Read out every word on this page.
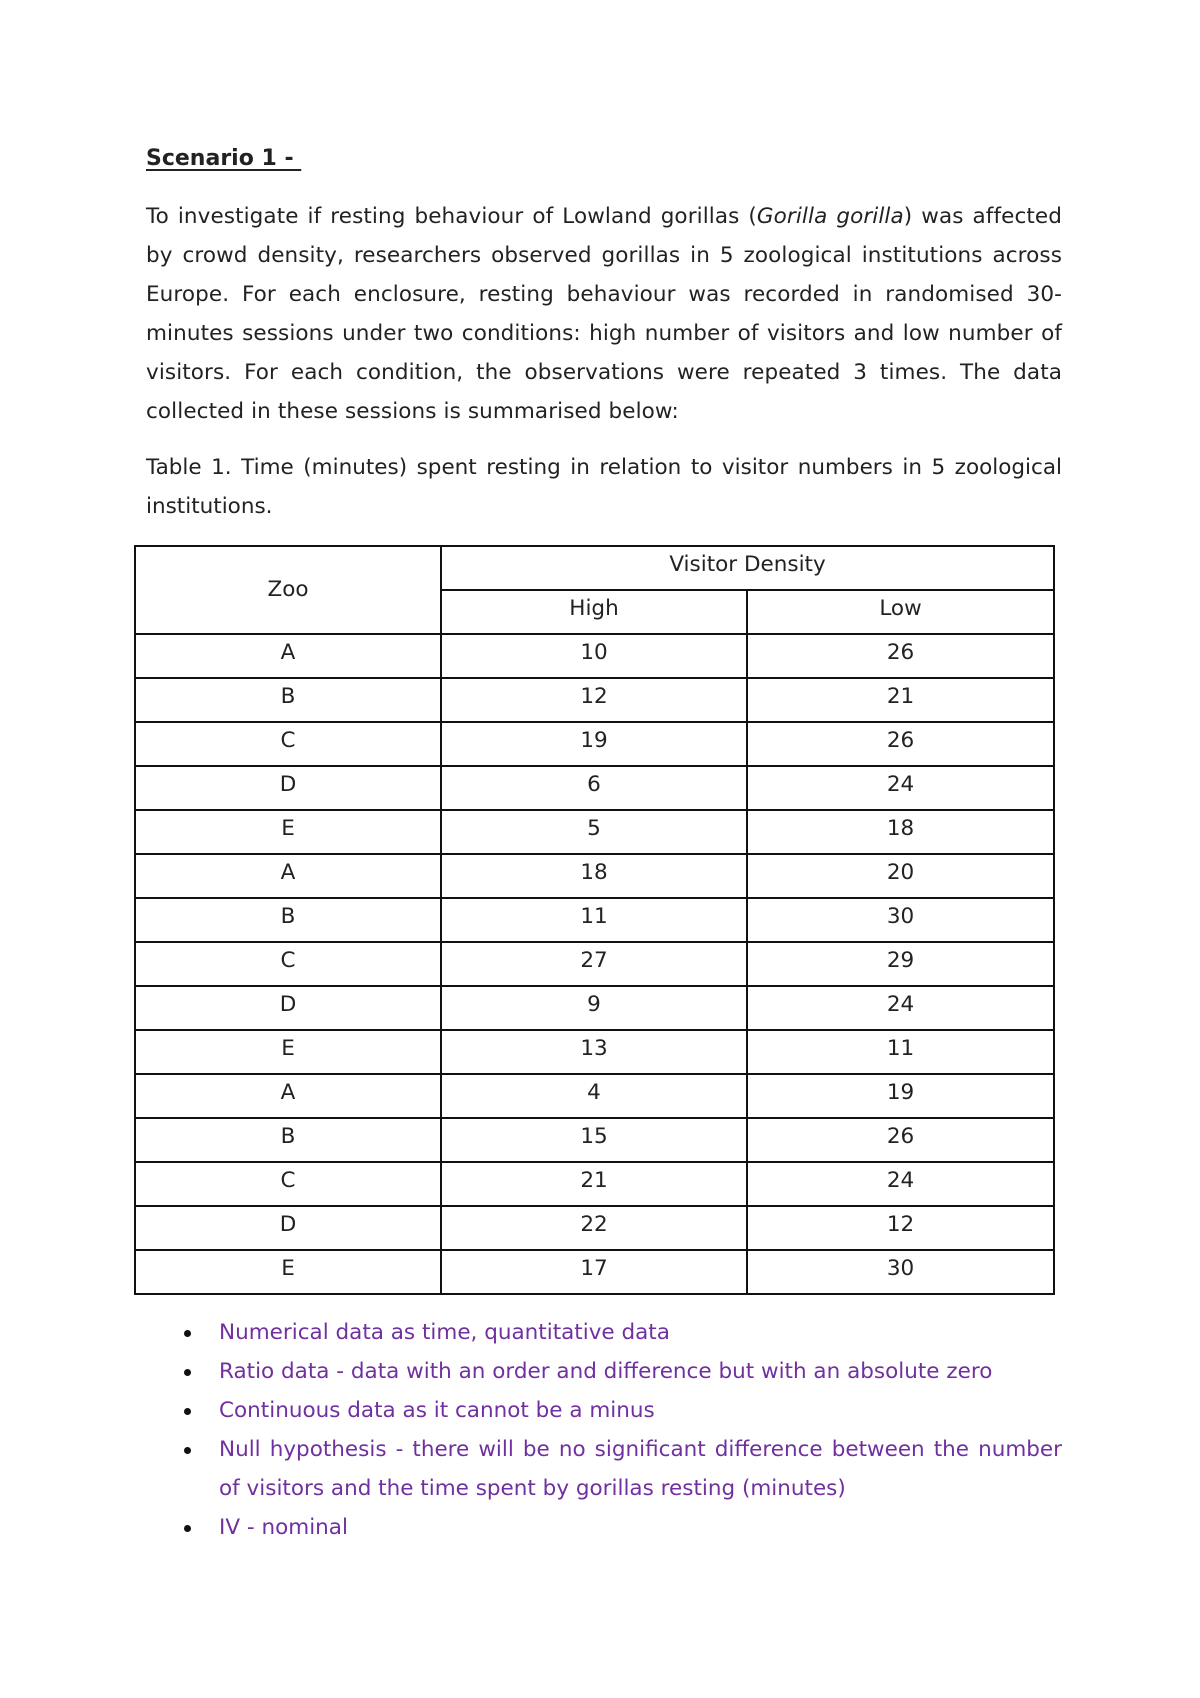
Scenario 1 -

To investigate if resting behaviour of Lowland gorillas (Gorilla gorilla) was affected by crowd density, researchers observed gorillas in 5 zoological institutions across Europe. For each enclosure, resting behaviour was recorded in randomised 30-minutes sessions under two conditions: high number of visitors and low number of visitors. For each condition, the observations were repeated 3 times. The data collected in these sessions is summarised below:

Table 1. Time (minutes) spent resting in relation to visitor numbers in 5 zoological institutions.

Zoo	Visitor Density	
	High	Low
A	10	26
B	12	21
C	19	26
D	6	24
E	5	18
A	18	20
B	11	30
C	27	29
D	9	24
E	13	11
A	4	19
B	15	26
C	21	24
D	22	12
E	17	30
Numerical data as time, quantitative data
Ratio data - data with an order and difference but with an absolute zero
Continuous data as it cannot be a minus
Null hypothesis - there will be no significant difference between the number of visitors and the time spent by gorillas resting (minutes)
IV - nominal
